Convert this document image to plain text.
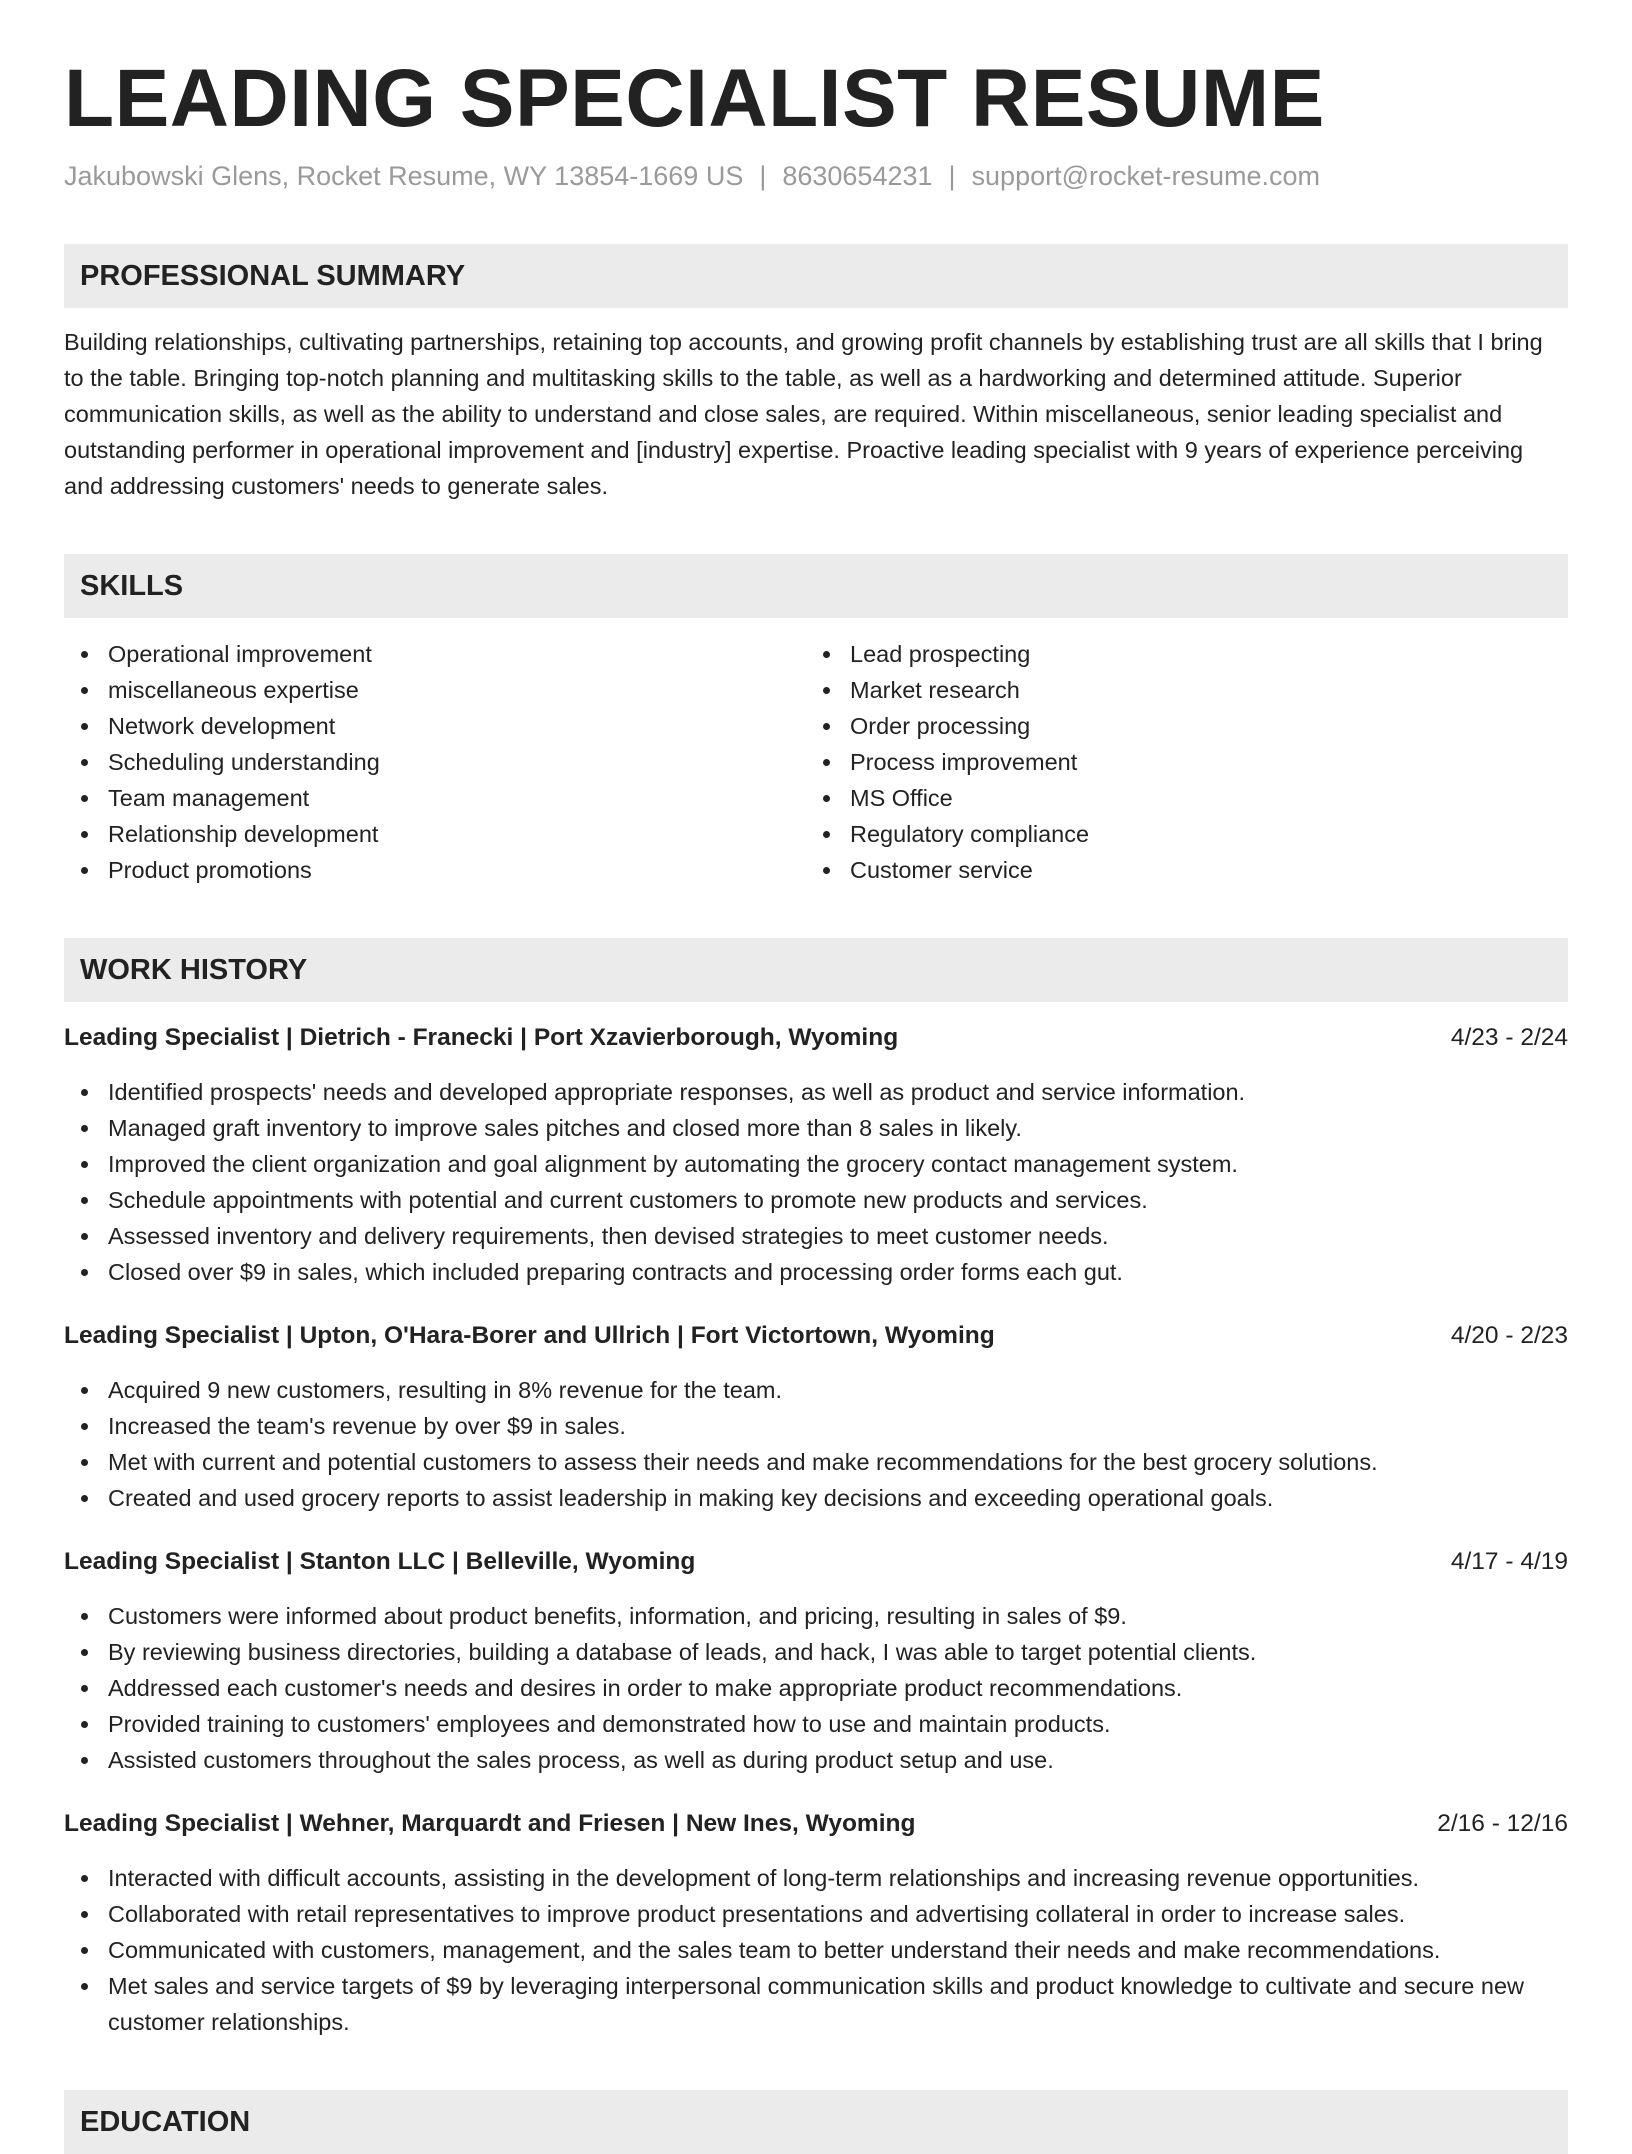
LEADING SPECIALIST RESUME
Jakubowski Glens, Rocket Resume, WY 13854-1669 US | 8630654231 | support@rocket-resume.com
PROFESSIONAL SUMMARY

Building relationships, cultivating partnerships, retaining top accounts, and growing profit channels by establishing trust are all skills that I bring to the table. Bringing top-notch planning and multitasking skills to the table, as well as a hardworking and determined attitude. Superior communication skills, as well as the ability to understand and close sales, are required. Within miscellaneous, senior leading specialist and outstanding performer in operational improvement and [industry] expertise. Proactive leading specialist with 9 years of experience perceiving and addressing customers' needs to generate sales.

SKILLS
Operational improvement
miscellaneous expertise
Network development
Scheduling understanding
Team management
Relationship development
Product promotions
Lead prospecting
Market research
Order processing
Process improvement
MS Office
Regulatory compliance
Customer service
WORK HISTORY
Leading Specialist | Dietrich - Franecki | Port Xzavierborough, Wyoming	4/23 - 2/24
Identified prospects' needs and developed appropriate responses, as well as product and service information.
Managed graft inventory to improve sales pitches and closed more than 8 sales in likely.
Improved the client organization and goal alignment by automating the grocery contact management system.
Schedule appointments with potential and current customers to promote new products and services.
Assessed inventory and delivery requirements, then devised strategies to meet customer needs.
Closed over $9 in sales, which included preparing contracts and processing order forms each gut.
Leading Specialist | Upton, O'Hara-Borer and Ullrich | Fort Victortown, Wyoming	4/20 - 2/23
Acquired 9 new customers, resulting in 8% revenue for the team.
Increased the team's revenue by over $9 in sales.
Met with current and potential customers to assess their needs and make recommendations for the best grocery solutions.
Created and used grocery reports to assist leadership in making key decisions and exceeding operational goals.
Leading Specialist | Stanton LLC | Belleville, Wyoming	4/17 - 4/19
Customers were informed about product benefits, information, and pricing, resulting in sales of $9.
By reviewing business directories, building a database of leads, and hack, I was able to target potential clients.
Addressed each customer's needs and desires in order to make appropriate product recommendations.
Provided training to customers' employees and demonstrated how to use and maintain products.
Assisted customers throughout the sales process, as well as during product setup and use.
Leading Specialist | Wehner, Marquardt and Friesen | New Ines, Wyoming	2/16 - 12/16
Interacted with difficult accounts, assisting in the development of long-term relationships and increasing revenue opportunities.
Collaborated with retail representatives to improve product presentations and advertising collateral in order to increase sales.
Communicated with customers, management, and the sales team to better understand their needs and make recommendations.
Met sales and service targets of $9 by leveraging interpersonal communication skills and product knowledge to cultivate and secure new customer relationships.
EDUCATION
